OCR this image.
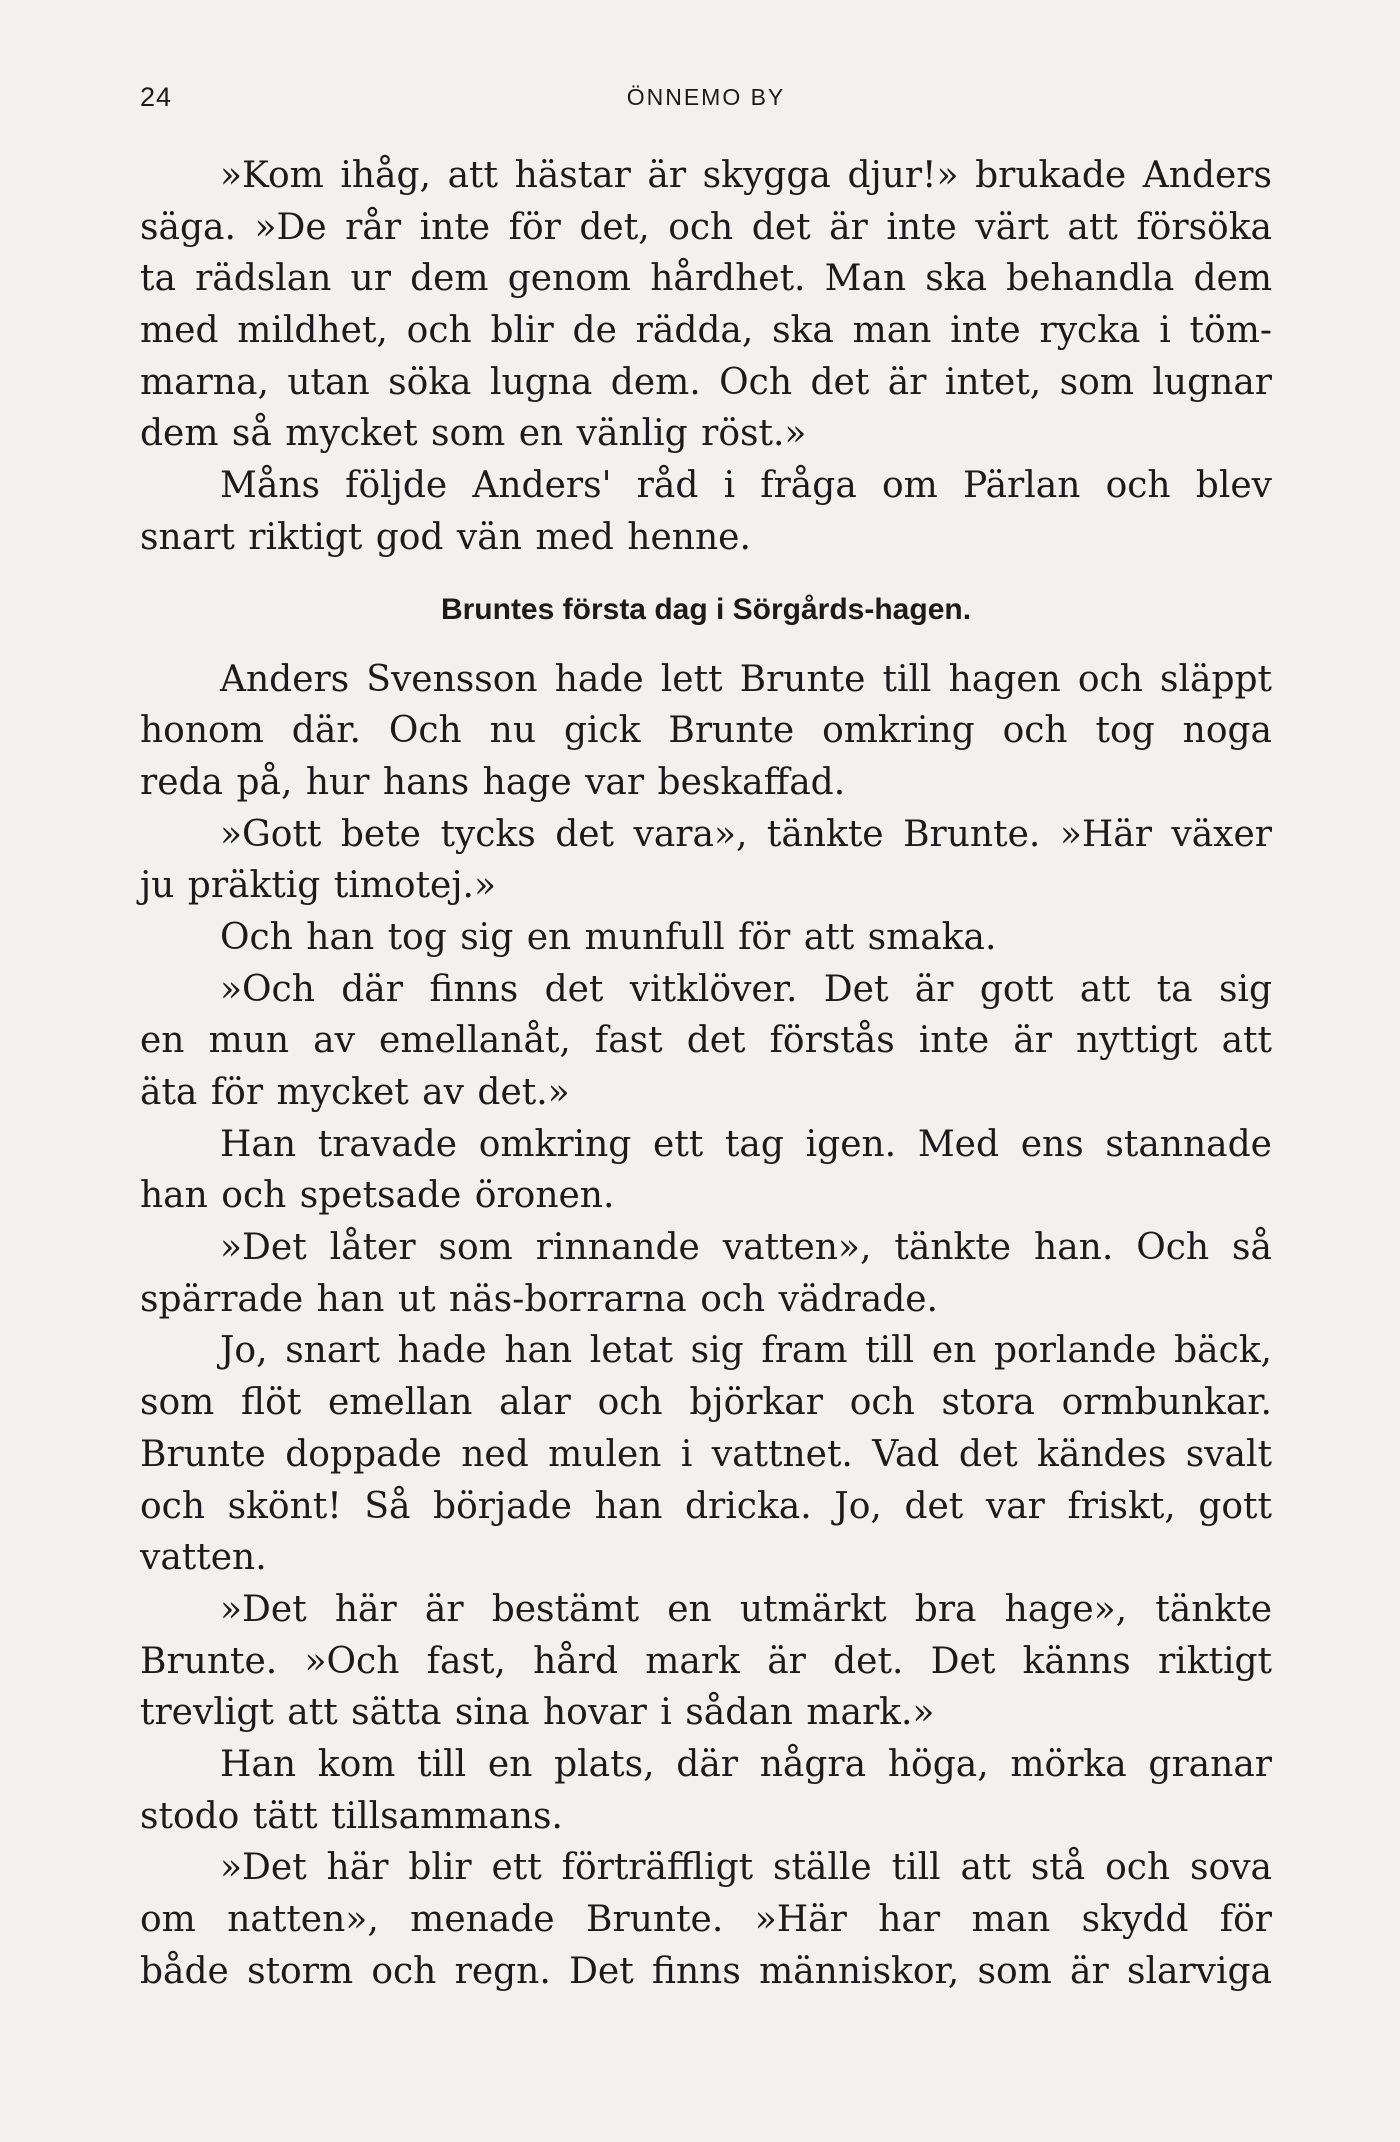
24	ÖNNEMO BY
»Kom ihåg, att hästar är skygga djur!» brukade Anders
säga. »De rår inte för det, och det är inte värt att försöka
ta rädslan ur dem genom hårdhet. Man ska behandla dem
med mildhet, och blir de rädda, ska man inte rycka i töm-
marna, utan söka lugna dem. Och det är intet, som lugnar
dem så mycket som en vänlig röst.»
Måns följde Anders' råd i fråga om Pärlan och blev
snart riktigt god vän med henne.
Bruntes första dag i Sörgårds-hagen.
Anders Svensson hade lett Brunte till hagen och släppt
honom där. Och nu gick Brunte omkring och tog noga
reda på, hur hans hage var beskaffad.
»Gott bete tycks det vara», tänkte Brunte. »Här växer
ju präktig timotej.»
Och han tog sig en munfull för att smaka.
»Och där finns det vitklöver. Det är gott att ta sig
en mun av emellanåt, fast det förstås inte är nyttigt att
äta för mycket av det.»
Han travade omkring ett tag igen. Med ens stannade
han och spetsade öronen.
»Det låter som rinnande vatten», tänkte han. Och så
spärrade han ut näs-borrarna och vädrade.
Jo, snart hade han letat sig fram till en porlande bäck,
som flöt emellan alar och björkar och stora ormbunkar.
Brunte doppade ned mulen i vattnet. Vad det kändes svalt
och skönt! Så började han dricka. Jo, det var friskt, gott
vatten.
»Det här är bestämt en utmärkt bra hage», tänkte
Brunte. »Och fast, hård mark är det. Det känns riktigt
trevligt att sätta sina hovar i sådan mark.»
Han kom till en plats, där några höga, mörka granar
stodo tätt tillsammans.
»Det här blir ett förträffligt ställe till att stå och sova
om natten», menade Brunte. »Här har man skydd för
både storm och regn. Det finns människor, som är slarviga
